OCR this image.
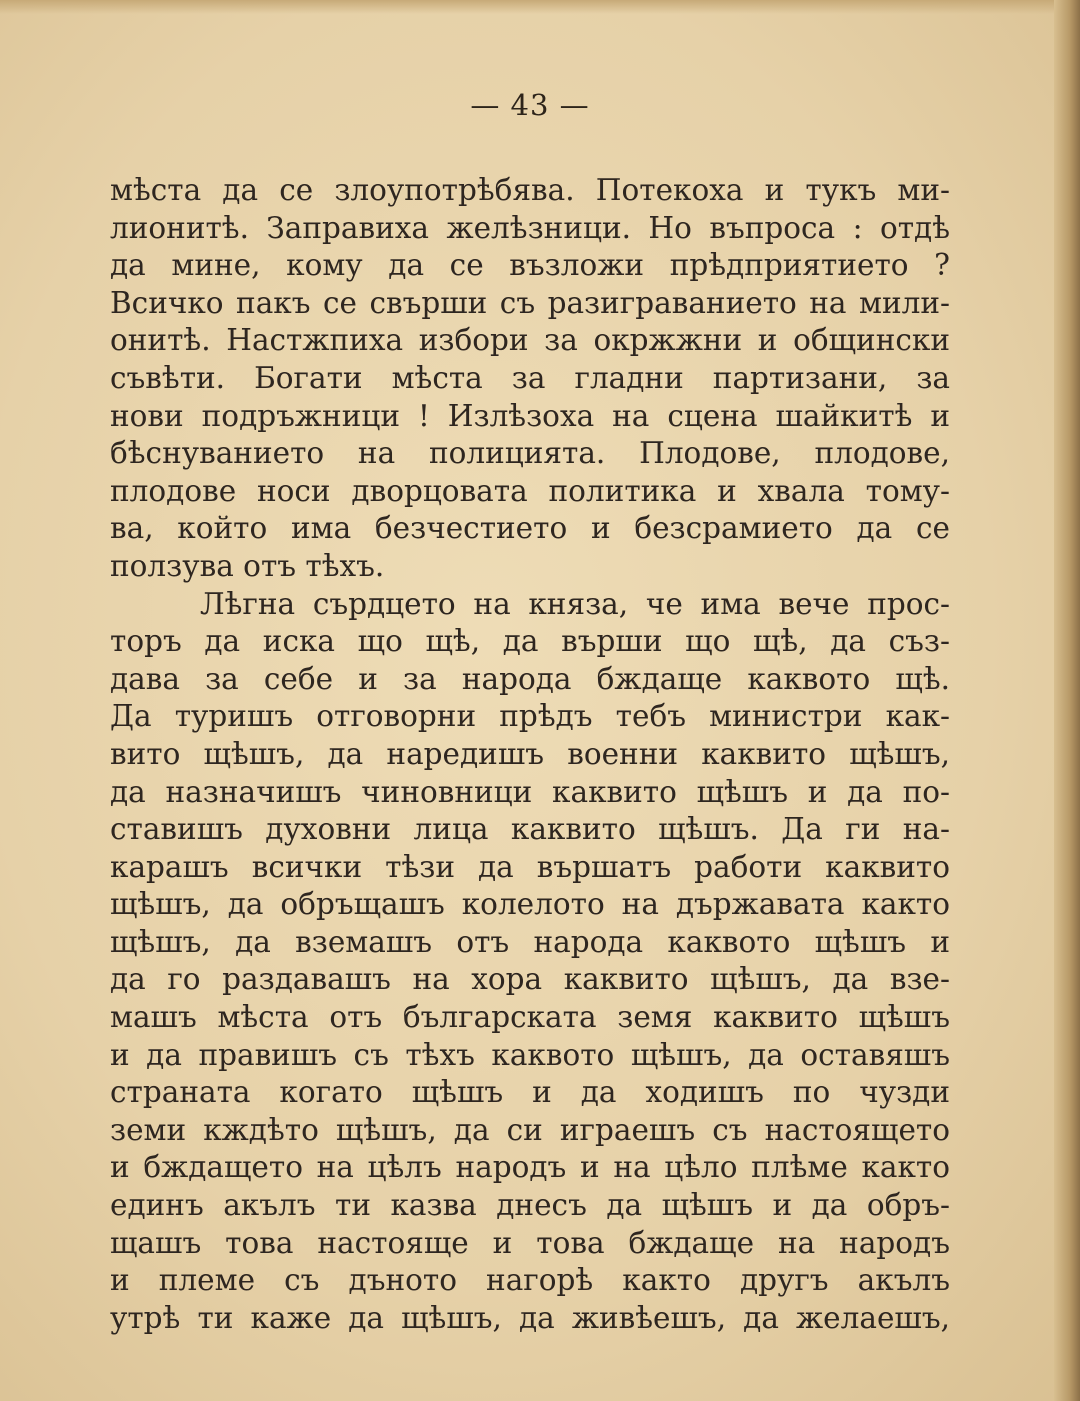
— 43 —
мѣста да се злоупотрѣбява. Потекоха и тукъ ми-
лионитѣ. Заправиха желѣзници. Но въпроса : отдѣ
да мине, кому да се възложи прѣдприятието ?
Всичко пакъ се свърши съ разиграванието на мили-
онитѣ. Настжпиха избори за окржжни и общински
съвѣти. Богати мѣста за гладни партизани, за
нови подръжници ! Излѣзоха на сцена шайкитѣ и
бѣснуванието на полицията. Плодове, плодове,
плодове носи дворцовата политика и хвала тому-
ва, който има безчестието и безсрамието да се
ползува отъ тѣхъ.
Лѣгна сърдцето на княза, че има вече прос-
торъ да иска що щѣ, да върши що щѣ, да съз-
дава за себе и за народа бждаще каквото щѣ.
Да туришъ отговорни прѣдъ тебъ министри как-
вито щѣшъ, да наредишъ военни каквито щѣшъ,
да назначишъ чиновници каквито щѣшъ и да по-
ставишъ духовни лица каквито щѣшъ. Да ги на-
карашъ всички тѣзи да вършатъ работи каквито
щѣшъ, да обръщашъ колелото на държавата както
щѣшъ, да вземашъ отъ народа каквото щѣшъ и
да го раздавашъ на хора каквито щѣшъ, да взе-
машъ мѣста отъ българската земя каквито щѣшъ
и да правишъ съ тѣхъ каквото щѣшъ, да оставяшъ
страната когато щѣшъ и да ходишъ по чузди
земи кждѣто щѣшъ, да си играешъ съ настоящето
и бждащето на цѣлъ народъ и на цѣло плѣме както
единъ акълъ ти казва днесъ да щѣшъ и да обръ-
щашъ това настояще и това бждаще на народъ
и племе съ дъното нагорѣ както другъ акълъ
утрѣ ти каже да щѣшъ, да живѣешъ, да желаешъ,
